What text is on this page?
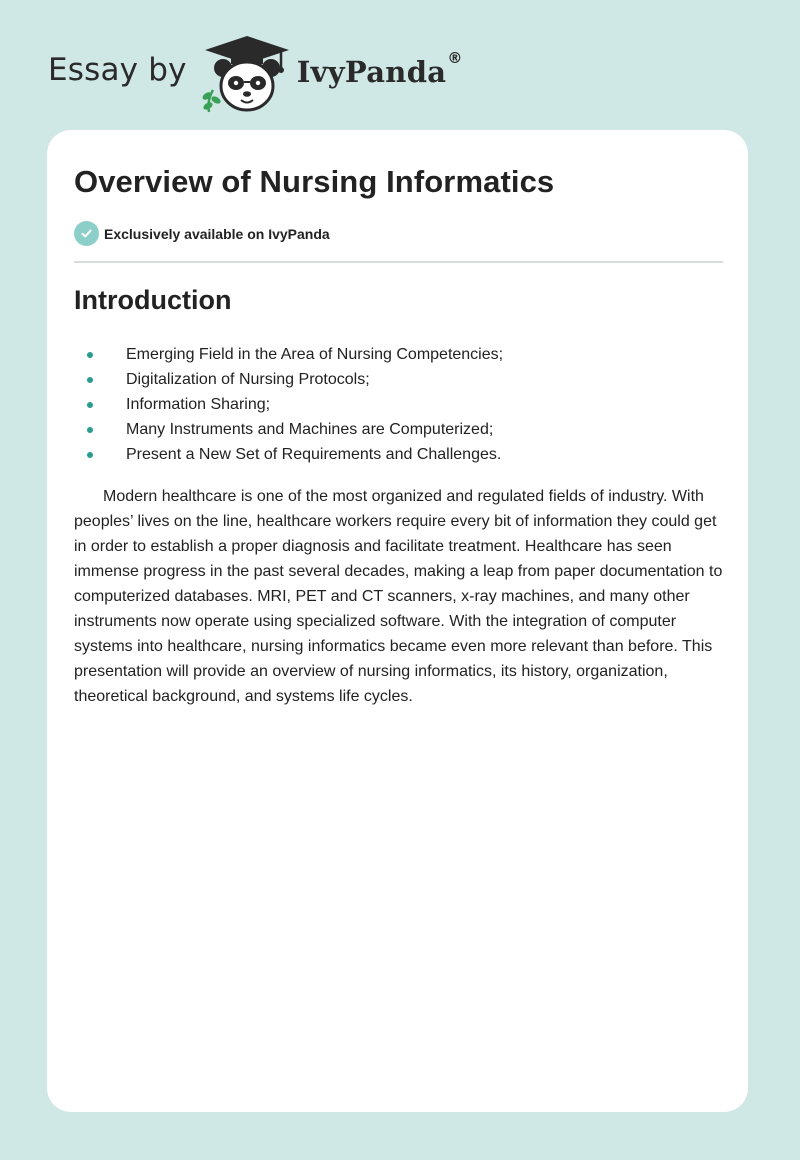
Essay by	IvyPanda®
Overview of Nursing Informatics
Exclusively available on IvyPanda
Introduction
Emerging Field in the Area of Nursing Competencies;
Digitalization of Nursing Protocols;
Information Sharing;
Many Instruments and Machines are Computerized;
Present a New Set of Requirements and Challenges.

Modern healthcare is one of the most organized and regulated fields of industry. With peoples’ lives on the line, healthcare workers require every bit of information they could get in order to establish a proper diagnosis and facilitate treatment. Healthcare has seen immense progress in the past several decades, making a leap from paper documentation to computerized databases. MRI, PET and CT scanners, x-ray machines, and many other instruments now operate using specialized software. With the integration of computer systems into healthcare, nursing informatics became even more relevant than before. This presentation will provide an overview of nursing informatics, its history, organization, theoretical background, and systems life cycles.
